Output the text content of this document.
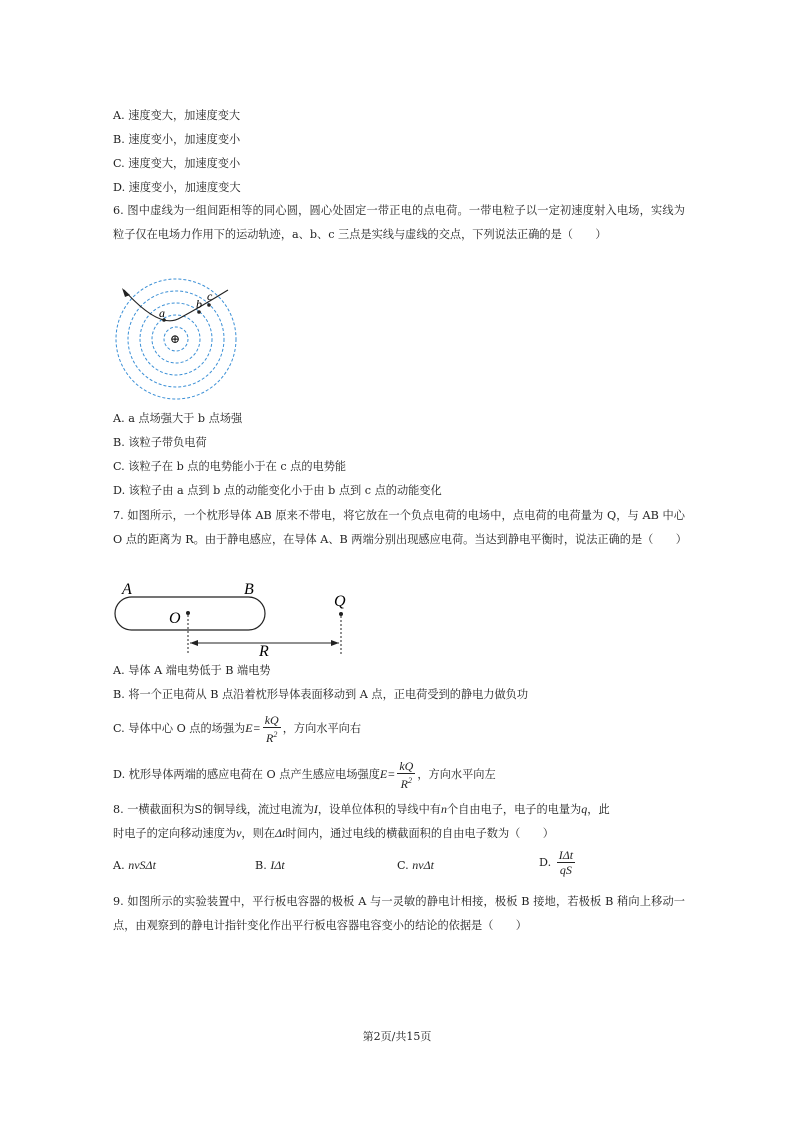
A. 速度变大，加速度变大
B. 速度变小，加速度变小
C. 速度变大，加速度变小
D. 速度变小，加速度变大
6. 图中虚线为一组间距相等的同心圆，圆心处固定一带正电的点电荷。一带电粒子以一定初速度射入电场，实线为粒子仅在电场力作用下的运动轨迹，a、b、c 三点是实线与虚线的交点，下列说法正确的是（　　）
a
b
c
⊕
A. a 点场强大于 b 点场强
B. 该粒子带负电荷
C. 该粒子在 b 点的电势能小于在 c 点的电势能
D. 该粒子由 a 点到 b 点的动能变化小于由 b 点到 c 点的动能变化
7. 如图所示，一个枕形导体 AB 原来不带电，将它放在一个负点电荷的电场中，点电荷的电荷量为 Q，与 AB 中心 O 点的距离为 R。由于静电感应，在导体 A、B 两端分别出现感应电荷。当达到静电平衡时，说法正确的是（　　）
A	B
O
Q
R
A. 导体 A 端电势低于 B 端电势
B. 将一个正电荷从 B 点沿着枕形导体表面移动到 A 点，正电荷受到的静电力做负功
C. 导体中心 O 点的场强为$E= \frac{kQ}{R^2}$ ，方向水平向右
D. 枕形导体两端的感应电荷在 O 点产生感应电场强度$E= \frac{kQ}{R^2}$ ，方向水平向左
8. 一横截面积为S的铜导线，流过电流为I，设单位体积的导线中有n个自由电子，电子的电量为q，此
时电子的定向移动速度为v，则在Δt时间内，通过电线的横截面积的自由电子数为（　　）
A. nvSΔt	B. IΔt	C. nvΔt	D. $\frac{\text{IΔt}}{qS}$
9. 如图所示的实验装置中，平行板电容器的极板 A 与一灵敏的静电计相接，极板 B 接地，若极板 B 稍向上移动一点，由观察到的静电计指针变化作出平行板电容器电容变小的结论的依据是（　　）
第2页/共15页
